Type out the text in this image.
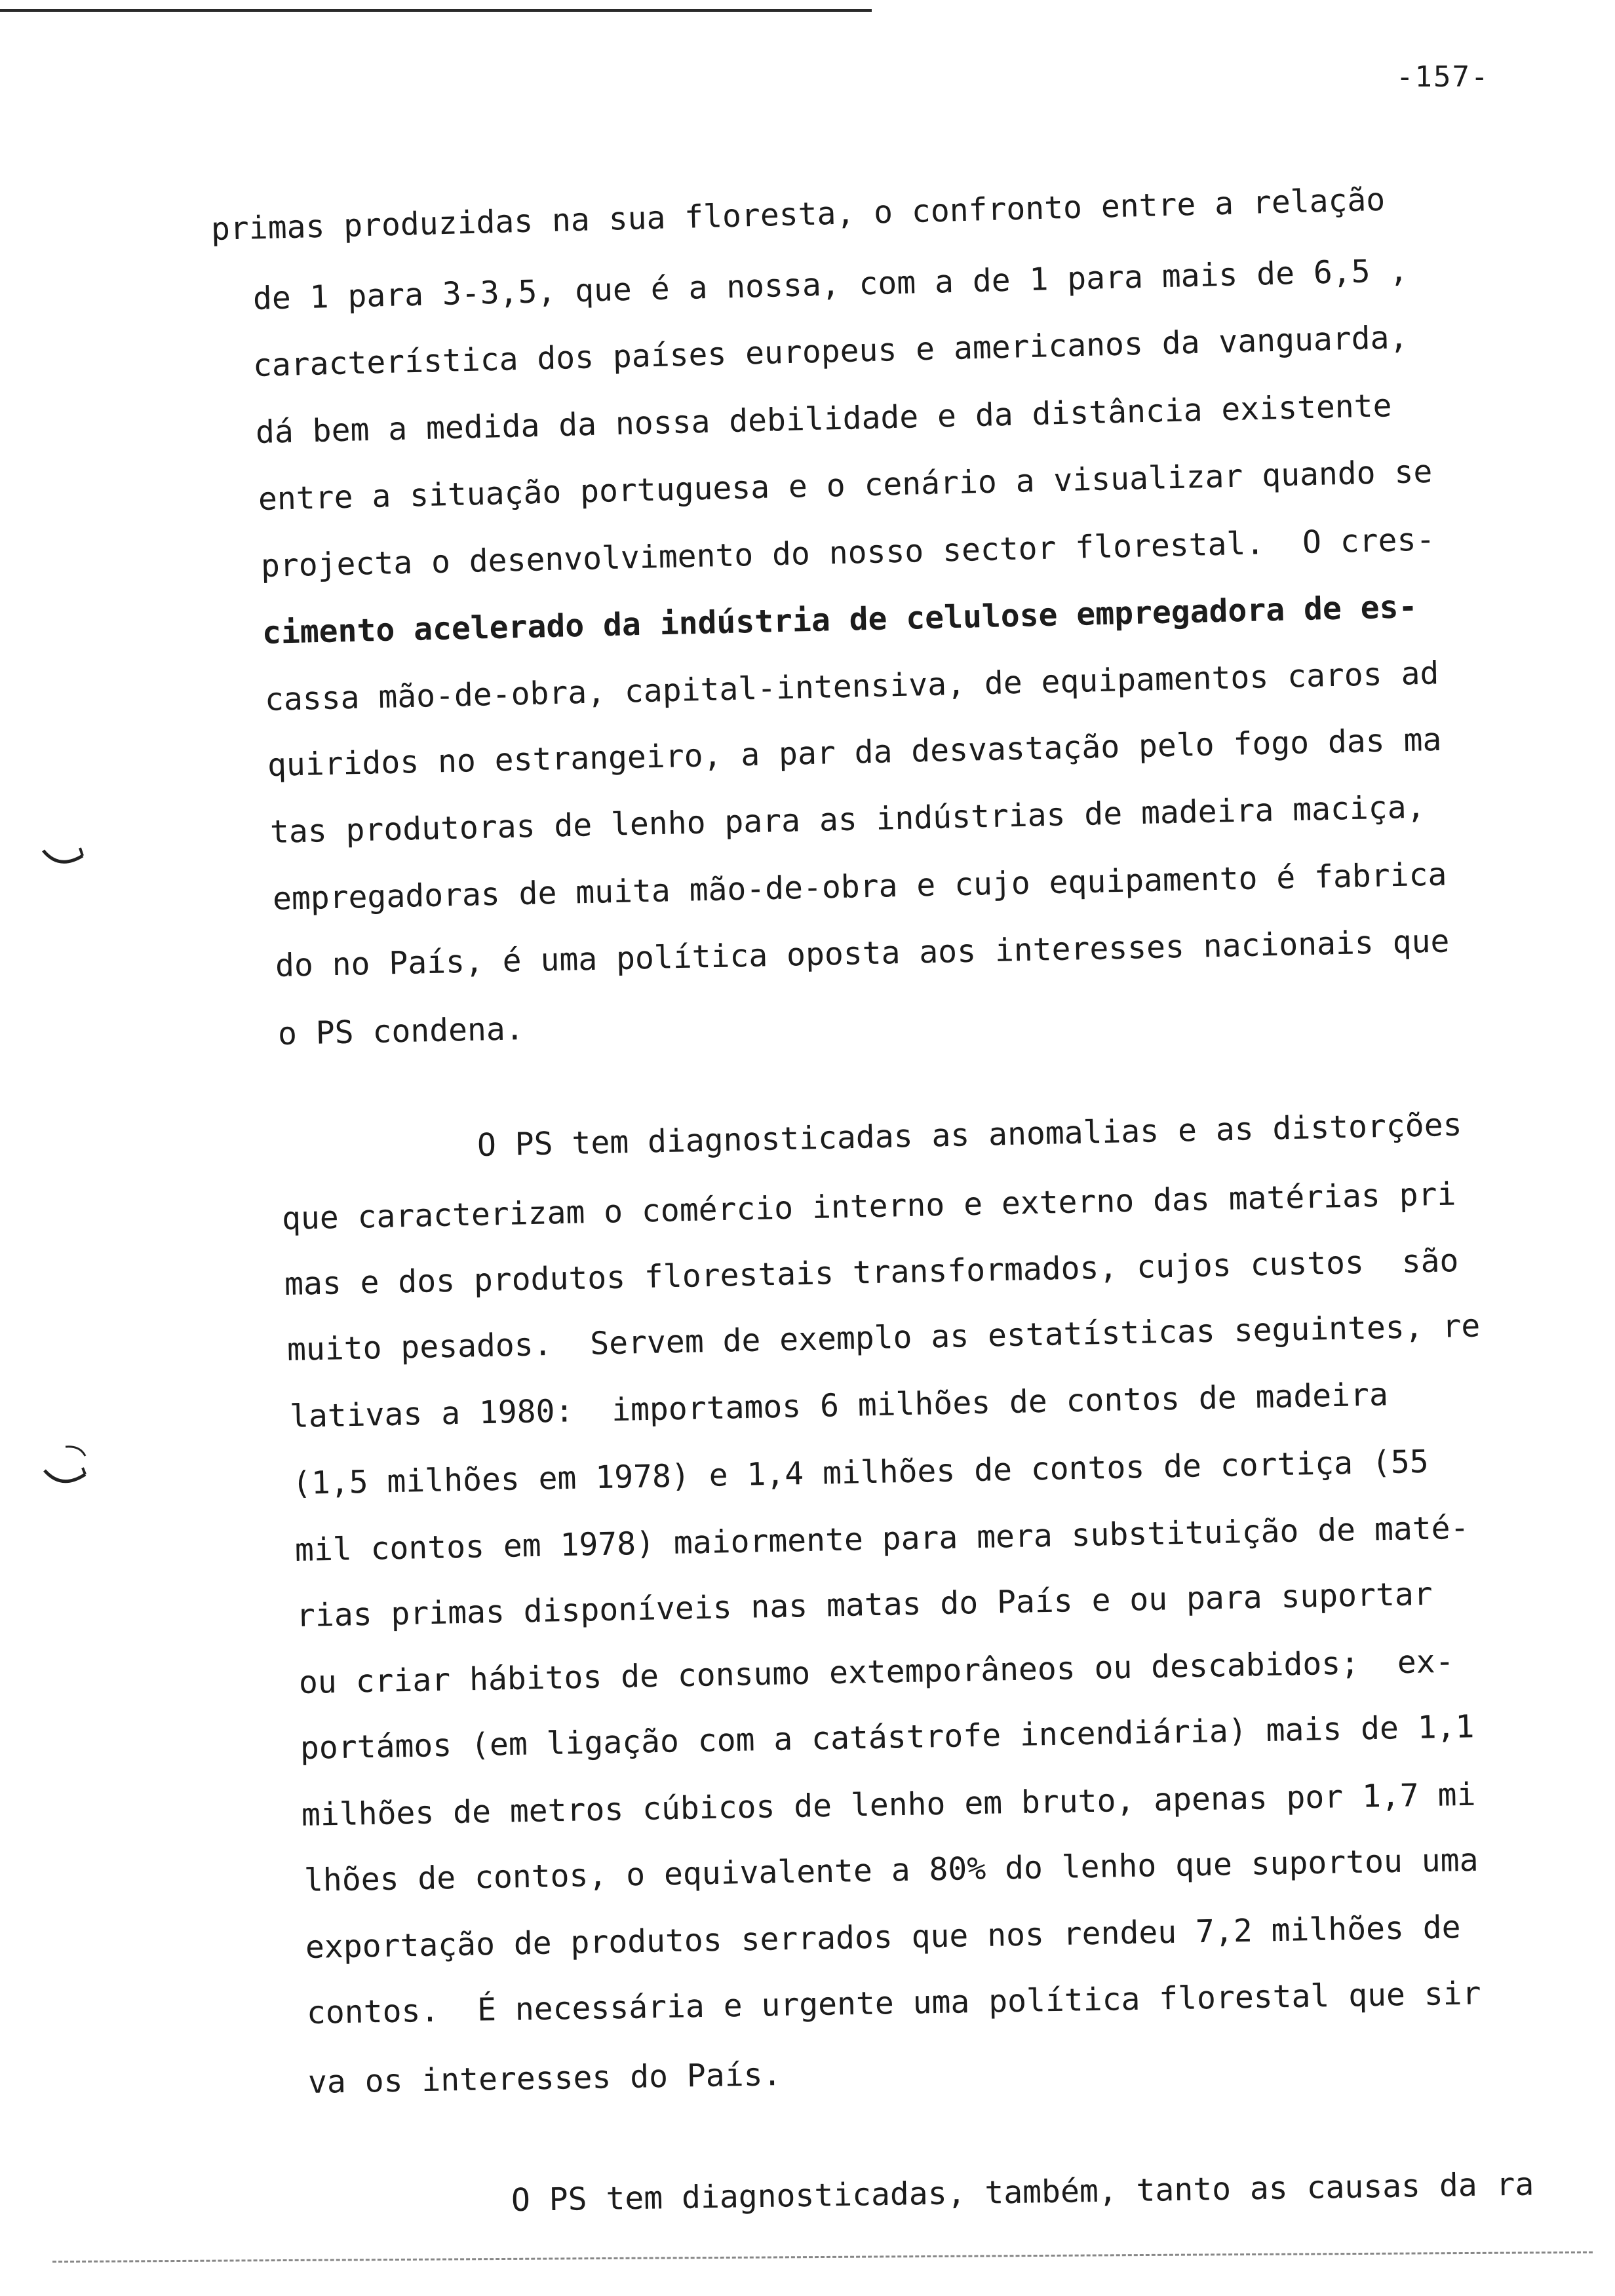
-157-
primas produzidas na sua floresta, o confronto entre a relação
de 1 para 3-3,5, que é a nossa, com a de 1 para mais de 6,5 ,
característica dos países europeus e americanos da vanguarda,
dá bem a medida da nossa debilidade e da distância existente
entre a situação portuguesa e o cenário a visualizar quando se
projecta o desenvolvimento do nosso sector florestal.  O cres-
cimento acelerado da indústria de celulose empregadora de es-
cassa mão-de-obra, capital-intensiva, de equipamentos caros ad
quiridos no estrangeiro, a par da desvastação pelo fogo das ma
tas produtoras de lenho para as indústrias de madeira maciça,
empregadoras de muita mão-de-obra e cujo equipamento é fabrica
do no País, é uma política oposta aos interesses nacionais que
o PS condena.
O PS tem diagnosticadas as anomalias e as distorções
que caracterizam o comércio interno e externo das matérias pri
mas e dos produtos florestais transformados, cujos custos  são
muito pesados.  Servem de exemplo as estatísticas seguintes, re
lativas a 1980:  importamos 6 milhões de contos de madeira
(1,5 milhões em 1978) e 1,4 milhões de contos de cortiça (55
mil contos em 1978) maiormente para mera substituição de maté-
rias primas disponíveis nas matas do País e ou para suportar
ou criar hábitos de consumo extemporâneos ou descabidos;  ex-
portámos (em ligação com a catástrofe incendiária) mais de 1,1
milhões de metros cúbicos de lenho em bruto, apenas por 1,7 mi
lhões de contos, o equivalente a 80% do lenho que suportou uma
exportação de produtos serrados que nos rendeu 7,2 milhões de
contos.  É necessária e urgente uma política florestal que sir
va os interesses do País.
O PS tem diagnosticadas, também, tanto as causas da ra
